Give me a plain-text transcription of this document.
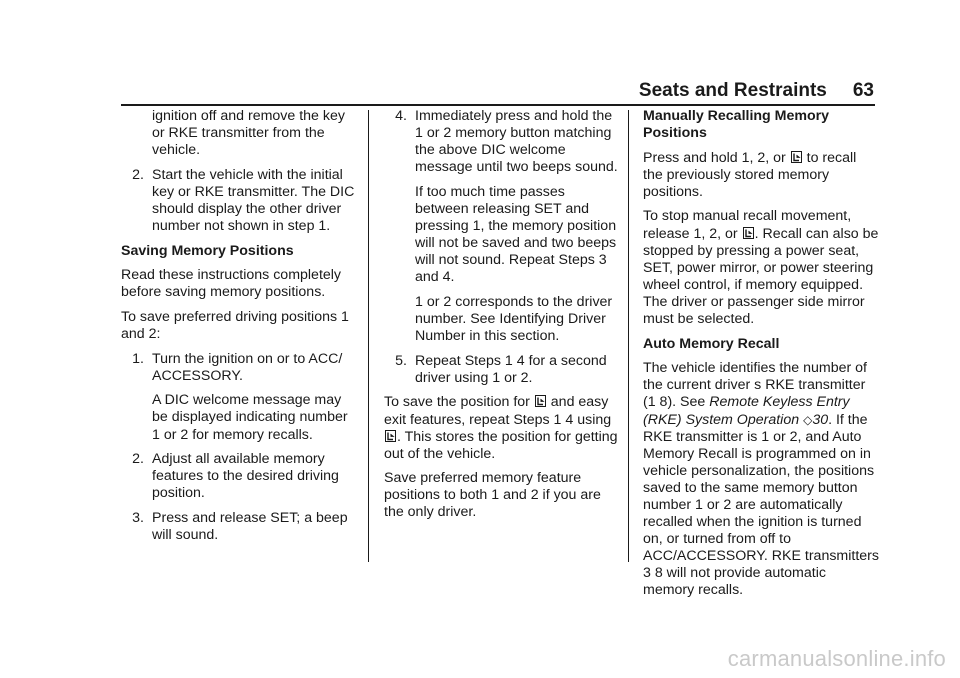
Seats and Restraints 63

ignition off and remove the key or RKE transmitter from the vehicle.

2. Start the vehicle with the initial key or RKE transmitter. The DIC should display the other driver number not shown in step 1.
Saving Memory Positions

Read these instructions completely before saving memory positions.

To save preferred driving positions 1 and 2:

1. Turn the ignition on or to ACC/ ACCESSORY.

A DIC welcome message may be displayed indicating number 1 or 2 for memory recalls.

2. Adjust all available memory features to the desired driving position.
3. Press and release SET; a beep will sound.
4. Immediately press and hold the 1 or 2 memory button matching the above DIC welcome message until two beeps sound.

If too much time passes between releasing SET and pressing 1, the memory position will not be saved and two beeps will not sound. Repeat Steps 3 and 4.

1 or 2 corresponds to the driver number. See Identifying Driver Number in this section.

5. Repeat Steps 1 4 for a second driver using 1 or 2.

To save the position for
and easy exit features, repeat Steps 1 4 using
. This stores the position for getting out of the vehicle.

Save preferred memory feature positions to both 1 and 2 if you are the only driver.

Manually Recalling Memory Positions

Press and hold 1, 2, or
to recall the previously stored memory positions.

To stop manual recall movement, release 1, 2, or
. Recall can also be stopped by pressing a power seat, SET, power mirror, or power steering wheel control, if memory equipped. The driver or passenger side mirror must be selected.

Auto Memory Recall

The vehicle identifies the number of the current driver s RKE transmitter (1 8). See Remote Keyless Entry (RKE) System Operation ◇30. If the RKE transmitter is 1 or 2, and Auto Memory Recall is programmed on in vehicle personalization, the positions saved to the same memory button number 1 or 2 are automatically recalled when the ignition is turned on, or turned from off to ACC/ACCESSORY. RKE transmitters 3 8 will not provide automatic memory recalls.

carmanualsonline.info
